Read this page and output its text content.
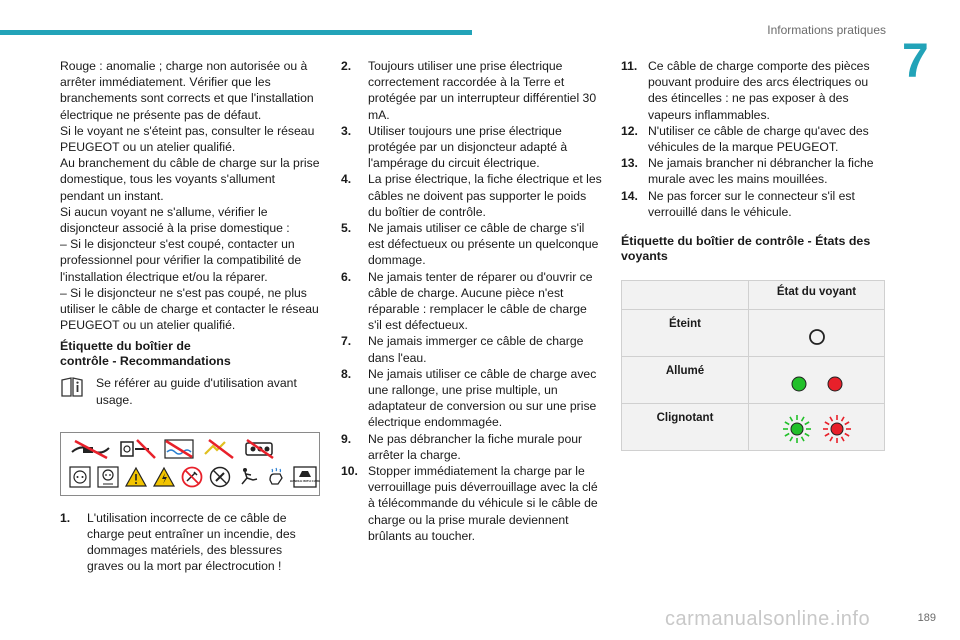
Informations pratiques
7

Rouge : anomalie ; charge non autorisée ou à arrêter immédiatement. Vérifier que les branchements sont corrects et que l'installation électrique ne présente pas de défaut.

Si le voyant ne s'éteint pas, consulter le réseau PEUGEOT ou un atelier qualifié.

Au branchement du câble de charge sur la prise domestique, tous les voyants s'allument pendant un instant.

Si aucun voyant ne s'allume, vérifier le disjoncteur associé à la prise domestique :

– Si le disjoncteur s'est coupé, contacter un professionnel pour vérifier la compatibilité de l'installation électrique et/ou la réparer.

– Si le disjoncteur ne s'est pas coupé, ne plus utiliser le câble de charge et contacter le réseau PEUGEOT ou un atelier qualifié.

Étiquette du boîtier de
contrôle - Recommandations
Se référer au guide d'utilisation avant usage.
HANDLE WITH CARE
1. L'utilisation incorrecte de ce câble de charge peut entraîner un incendie, des dommages matériels, des blessures graves ou la mort par électrocution !
2. Toujours utiliser une prise électrique correctement raccordée à la Terre et protégée par un interrupteur différentiel 30 mA.
3. Utiliser toujours une prise électrique protégée par un disjoncteur adapté à l'ampérage du circuit électrique.
4. La prise électrique, la fiche électrique et les câbles ne doivent pas supporter le poids du boîtier de contrôle.
5. Ne jamais utiliser ce câble de charge s'il est défectueux ou présente un quelconque dommage.
6. Ne jamais tenter de réparer ou d'ouvrir ce câble de charge. Aucune pièce n'est réparable : remplacer le câble de charge s'il est défectueux.
7. Ne jamais immerger ce câble de charge dans l'eau.
8. Ne jamais utiliser ce câble de charge avec une rallonge, une prise multiple, un adaptateur de conversion ou sur une prise électrique endommagée.
9. Ne pas débrancher la fiche murale pour arrêter la charge.
10. Stopper immédiatement la charge par le verrouillage puis déverrouillage avec la clé à télécommande du véhicule si le câble de charge ou la prise murale deviennent brûlants au toucher.
11. Ce câble de charge comporte des pièces pouvant produire des arcs électriques ou des étincelles : ne pas exposer à des vapeurs inflammables.
12. N'utiliser ce câble de charge qu'avec des véhicules de la marque PEUGEOT.
13. Ne jamais brancher ni débrancher la fiche murale avec les mains mouillées.
14. Ne pas forcer sur le connecteur s'il est verrouillé dans le véhicule.
Étiquette du boîtier de contrôle - États des voyants
	État du voyant
Éteint	
Allumé	
Clignotant	
189
carmanualsonline.info
